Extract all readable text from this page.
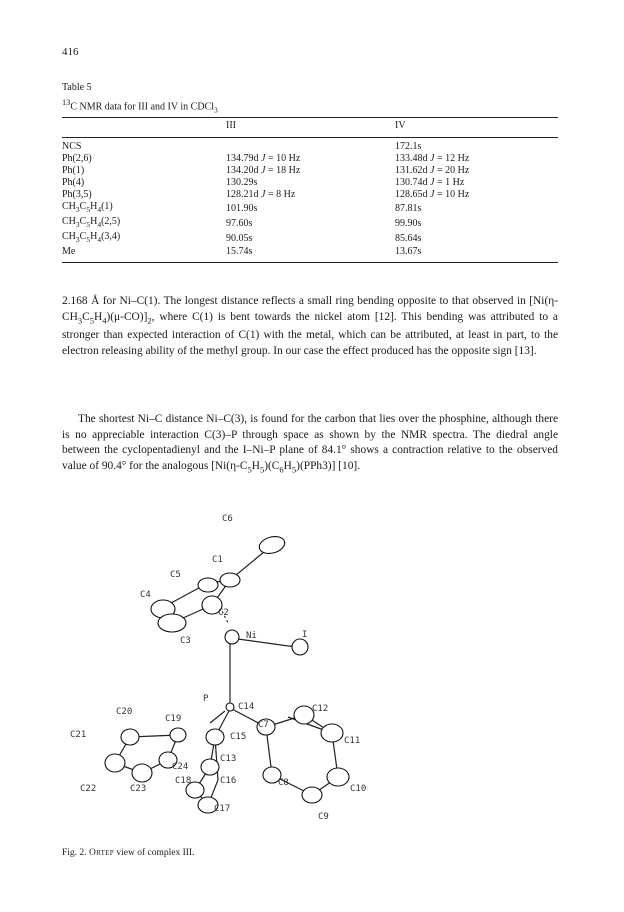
416
Table 5
$^{13}$C NMR data for III and IV in CDCl$_3$
	III	IV
NCS		172.1s
Ph(2,6)	134.79d J = 10 Hz	133.48d J = 12 Hz
Ph(1)	134.20d J = 18 Hz	131.62d J = 20 Hz
Ph(4)	130.29s	130.74d J = 1 Hz
Ph(3,5)	128.21d J = 8 Hz	128.65d J = 10 Hz
$CH_3C_5H_4(1)$	101.90s	87.81s
$CH_3C_5H_4(2,5)$	97.60s	99.90s
$CH_3C_5H_4(3,4)$	90.05s	85.64s
Me	15.74s	13.67s
2.168 Å for Ni–C(1). The longest distance reflects a small ring bending opposite to that observed in $[Ni(\eta-CH_3C_5H_4)(\mu-CO)]_2$, where C(1) is bent towards the nickel atom [12]. This bending was attributed to a stronger than expected interaction of C(1) with the metal, which can be attributed, at least in part, to the electron releasing ability of the methyl group. In our case the effect produced has the opposite sign [13].
The shortest Ni–C distance Ni–C(3), is found for the carbon that lies over the phosphine, although there is no appreciable interaction C(3)–P through space as shown by the NMR spectra. The diedral angle between the cyclopentadienyl and the I–Ni–P plane of 84.1° shows a contraction relative to the observed value of 90.4° for the analogous $[Ni(\eta-C_5H_5)(C_6H_5)(PPh3)]$ [10].
C6
C1
C5
C4
C2
C3	Ni	I
P
C20
C19
C21
C22	C23
C24
C18
C17
C16
C15
C13
C14
C7
C8
C9
C10
C11
C12
Fig. 2. Ortep view of complex III.
